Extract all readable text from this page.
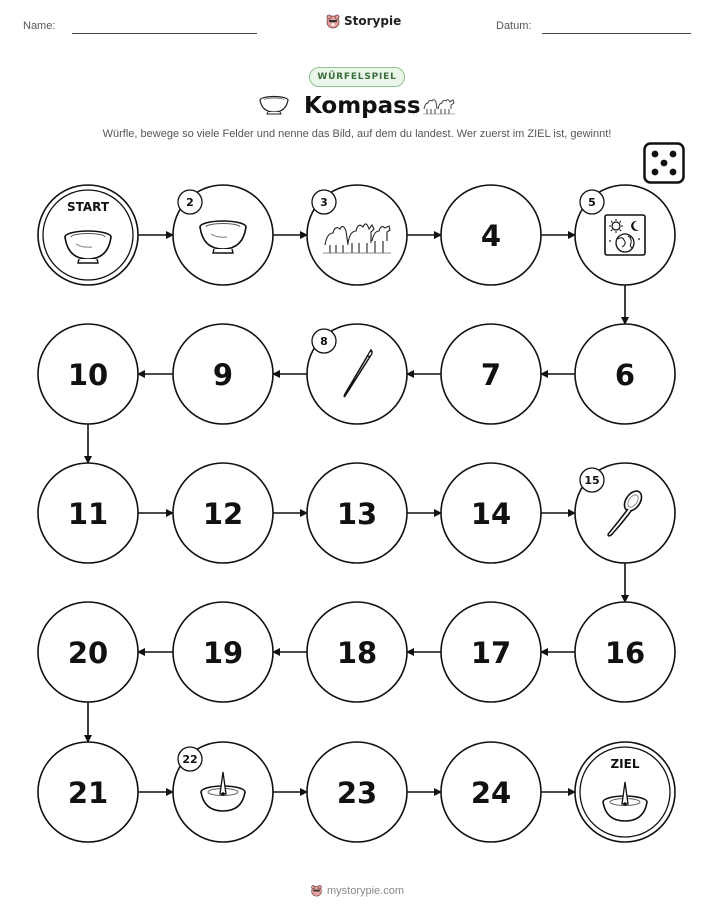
Name:	Storypie	Datum:
WÜRFELSPIEL
Kompass
Würfle, bewege so viele Felder und nenne das Bild, auf dem du landest. Wer zuerst im ZIEL ist, gewinnt!
START	2	3
4
5
6
7
8
9
10
11	12	13	14
15
16
17
18
19
20
21
22
23	24
ZIEL
mystorypie.com
